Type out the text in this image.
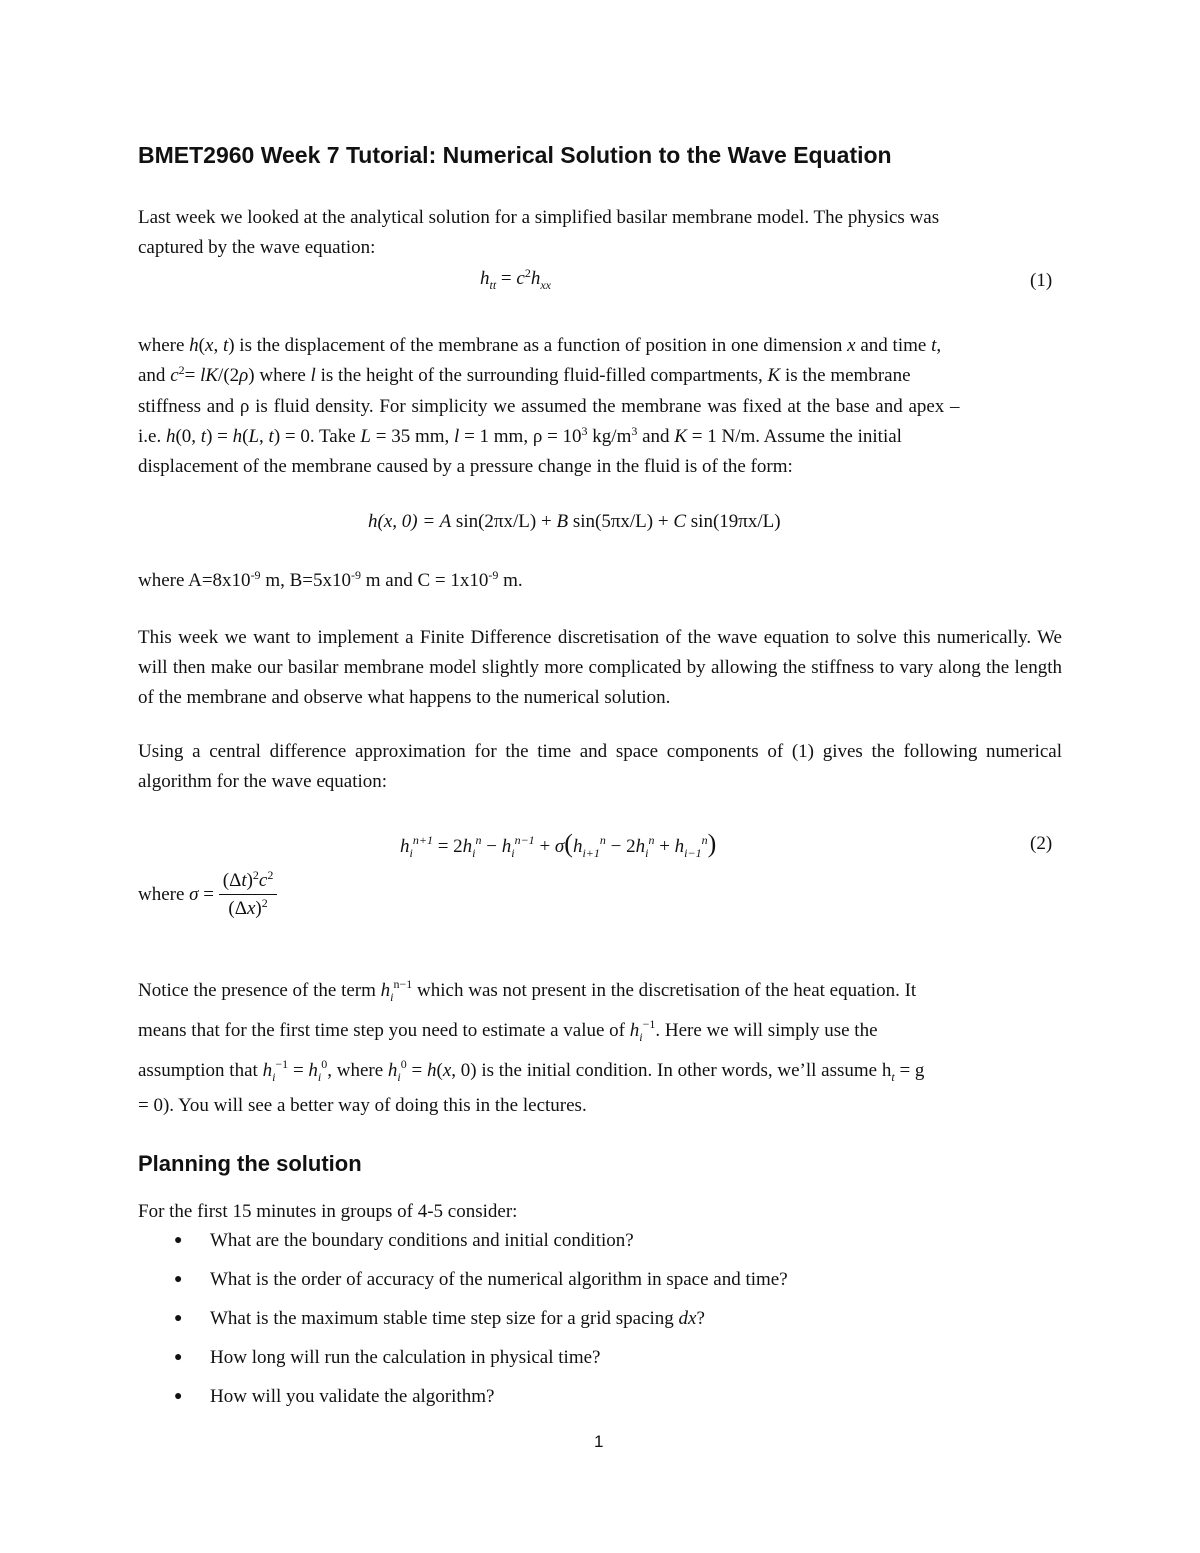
BMET2960 Week 7 Tutorial: Numerical Solution to the Wave Equation
Last week we looked at the analytical solution for a simplified basilar membrane model. The physics was
captured by the wave equation:
$h_{tt} = c^2h_{xx}$	(1)
where h(x, t) is the displacement of the membrane as a function of position in one dimension x and time t,
and $c^2= lK/(2\rho)$ where l is the height of the surrounding fluid-filled compartments, K is the membrane
stiffness and ρ is fluid density. For simplicity we assumed the membrane was fixed at the base and apex –
i.e. h(0, t) = h(L, t) = 0. Take L = 35 mm, l = 1 mm, $\rho = 10^3$ $kg/m^3$ and K = 1 N/m. Assume the initial
displacement of the membrane caused by a pressure change in the fluid is of the form:
h(x, 0) = A sin(2πx/L) + B sin(5πx/L) + C sin(19πx/L)
where $A=8x10^{-9}$ m, $B=5x10^{-9}$ m and $C = 1x10^{-9}$ m.

This week we want to implement a Finite Difference discretisation of the wave equation to solve this numerically. We will then make our basilar membrane model slightly more complicated by allowing the stiffness to vary along the length of the membrane and observe what happens to the numerical solution.

Using a central difference approximation for the time and space components of (1) gives the following numerical algorithm for the wave equation:

$h_i^{n+1} = 2h_i^n - h_i^{n-1} + \sigma(h_{i+1}^n - 2h_i^n + h_{i-1}^n)$	(2)
where $\sigma = \frac{(\Delta t)^2c^2}{(\Delta x)^2}$
Notice the presence of the term $h_i^{n-1}$ which was not present in the discretisation of the heat equation. It
means that for the first time step you need to estimate a value of $h_i^{-1}$. Here we will simply use the
assumption that $h_i^{-1} = h_i^0$, where $h_i^0 = h(x$, 0) is the initial condition. In other words, we’ll assume $h_t = g$
= 0). You will see a better way of doing this in the lectures.
Planning the solution
For the first 15 minutes in groups of 4-5 consider:
● What are the boundary conditions and initial condition?
● What is the order of accuracy of the numerical algorithm in space and time?
● What is the maximum stable time step size for a grid spacing dx?
● How long will run the calculation in physical time?
● How will you validate the algorithm?
1
